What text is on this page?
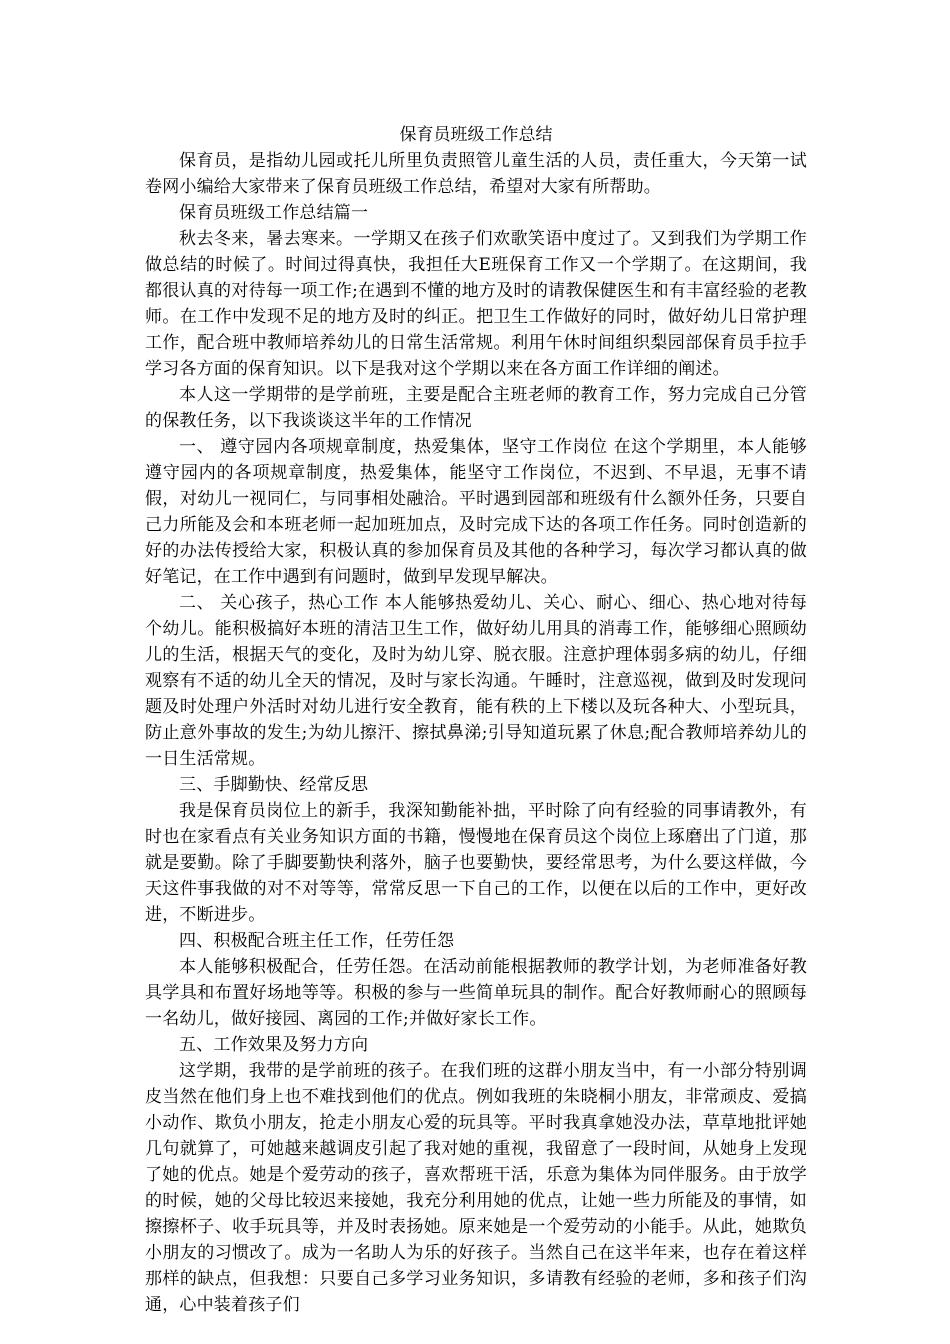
保育员班级工作总结

保育员，是指幼儿园或托儿所里负责照管儿童生活的人员，责任重大，今天第一试卷网小编给大家带来了保育员班级工作总结，希望对大家有所帮助。

保育员班级工作总结篇一

秋去冬来，暑去寒来。一学期又在孩子们欢歌笑语中度过了。又到我们为学期工作做总结的时候了。时间过得真快，我担任大E班保育工作又一个学期了。在这期间，我都很认真的对待每一项工作;在遇到不懂的地方及时的请教保健医生和有丰富经验的老教师。在工作中发现不足的地方及时的纠正。把卫生工作做好的同时，做好幼儿日常护理工作，配合班中教师培养幼儿的日常生活常规。利用午休时间组织梨园部保育员手拉手学习各方面的保育知识。以下是我对这个学期以来在各方面工作详细的阐述。

本人这一学期带的是学前班，主要是配合主班老师的教育工作，努力完成自己分管的保教任务，以下我谈谈这半年的工作情况

一、 遵守园内各项规章制度，热爱集体，坚守工作岗位 在这个学期里，本人能够遵守园内的各项规章制度，热爱集体，能坚守工作岗位，不迟到、不早退，无事不请假，对幼儿一视同仁，与同事相处融洽。平时遇到园部和班级有什么额外任务，只要自己力所能及会和本班老师一起加班加点，及时完成下达的各项工作任务。同时创造新的好的办法传授给大家，积极认真的参加保育员及其他的各种学习，每次学习都认真的做好笔记，在工作中遇到有问题时，做到早发现早解决。

二、 关心孩子，热心工作 本人能够热爱幼儿、关心、耐心、细心、热心地对待每个幼儿。能积极搞好本班的清洁卫生工作，做好幼儿用具的消毒工作，能够细心照顾幼儿的生活，根据天气的变化，及时为幼儿穿、脱衣服。注意护理体弱多病的幼儿，仔细观察有不适的幼儿全天的情况，及时与家长沟通。午睡时，注意巡视，做到及时发现问题及时处理户外活时对幼儿进行安全教育，能有秩的上下楼以及玩各种大、小型玩具，防止意外事故的发生;为幼儿擦汗、擦拭鼻涕;引导知道玩累了休息;配合教师培养幼儿的一日生活常规。

三、手脚勤快、经常反思

我是保育员岗位上的新手，我深知勤能补拙，平时除了向有经验的同事请教外，有时也在家看点有关业务知识方面的书籍，慢慢地在保育员这个岗位上琢磨出了门道，那就是要勤。除了手脚要勤快利落外，脑子也要勤快，要经常思考，为什么要这样做，今天这件事我做的对不对等等，常常反思一下自己的工作，以便在以后的工作中，更好改进，不断进步。

四、积极配合班主任工作，任劳任怨

本人能够积极配合，任劳任怨。在活动前能根据教师的教学计划，为老师准备好教具学具和布置好场地等等。积极的参与一些简单玩具的制作。配合好教师耐心的照顾每一名幼儿，做好接园、离园的工作;并做好家长工作。

五、工作效果及努力方向

这学期，我带的是学前班的孩子。在我们班的这群小朋友当中，有一小部分特别调皮当然在他们身上也不难找到他们的优点。例如我班的朱晓桐小朋友，非常顽皮、爱搞小动作、欺负小朋友，抢走小朋友心爱的玩具等。平时我真拿她没办法，草草地批评她几句就算了，可她越来越调皮引起了我对她的重视，我留意了一段时间，从她身上发现了她的优点。她是个爱劳动的孩子，喜欢帮班干活，乐意为集体为同伴服务。由于放学的时候，她的父母比较迟来接她，我充分利用她的优点，让她一些力所能及的事情，如擦擦杯子、收手玩具等，并及时表扬她。原来她是一个爱劳动的小能手。从此，她欺负小朋友的习惯改了。成为一名助人为乐的好孩子。当然自己在这半年来，也存在着这样那样的缺点，但我想：只要自己多学习业务知识，多请教有经验的老师，多和孩子们沟通，心中装着孩子们
